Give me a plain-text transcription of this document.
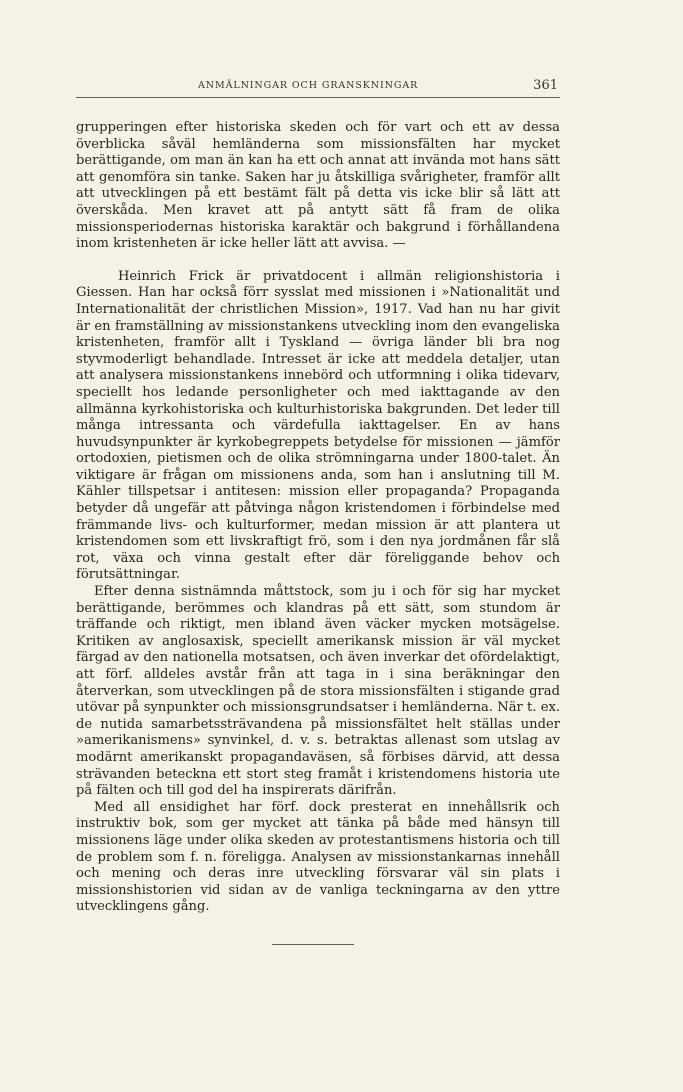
ANMÄLNINGAR OCH GRANSKNINGAR	361

grupperingen efter historiska skeden och för vart och ett av dessa överblicka såväl hemländerna som missionsfälten har mycket berättigande, om man än kan ha ett och annat att invända mot hans sätt att genomföra sin tanke. Saken har ju åtskilliga svårigheter, framför allt att utvecklingen på ett bestämt fält på detta vis icke blir så lätt att överskåda. Men kravet att på antytt sätt få fram de olika missionsperiodernas historiska karaktär och bakgrund i förhållandena inom kristenheten är icke heller lätt att avvisa. —

Heinrich Frick är privatdocent i allmän religionshistoria i Giessen. Han har också förr sysslat med missionen i »Nationalität und Internationalität der christlichen Mission», 1917. Vad han nu har givit är en framställning av missionstankens utveckling inom den evangeliska kristenheten, framför allt i Tyskland — övriga länder bli bra nog styvmoderligt behandlade. Intresset är icke att meddela detaljer, utan att analysera missionstankens innebörd och utformning i olika tidevarv, speciellt hos ledande personligheter och med iakttagande av den allmänna kyrkohistoriska och kulturhistoriska bakgrunden. Det leder till många intressanta och värdefulla iakttagelser. En av hans huvudsynpunkter är kyrkobegreppets betydelse för missionen — jämför ortodoxien, pietismen och de olika strömningarna under 1800-talet. Än viktigare är frågan om missionens anda, som han i anslutning till M. Kähler tillspetsar i antitesen: mission eller propaganda? Propaganda betyder då ungefär att påtvinga någon kristendomen i förbindelse med främmande livs- och kulturformer, medan mission är att plantera ut kristendomen som ett livskraftigt frö, som i den nya jordmånen får slå rot, växa och vinna gestalt efter där föreliggande behov och förutsättningar.

Efter denna sistnämnda måttstock, som ju i och för sig har mycket berättigande, berömmes och klandras på ett sätt, som stundom är träffande och riktigt, men ibland även väcker mycken motsägelse. Kritiken av anglosaxisk, speciellt amerikansk mission är väl mycket färgad av den nationella motsatsen, och även inverkar det ofördelaktigt, att förf. alldeles avstår från att taga in i sina beräkningar den återverkan, som utvecklingen på de stora missionsfälten i stigande grad utövar på synpunkter och missionsgrundsatser i hemländerna. När t. ex. de nutida samarbetssträvandena på missionsfältet helt ställas under »amerikanismens» synvinkel, d. v. s. betraktas allenast som utslag av modärnt amerikanskt propagandaväsen, så förbises därvid, att dessa strävanden beteckna ett stort steg framåt i kristendomens historia ute på fälten och till god del ha inspirerats därifrån.

Med all ensidighet har förf. dock presterat en innehållsrik och instruktiv bok, som ger mycket att tänka på både med hänsyn till missionens läge under olika skeden av protestantismens historia och till de problem som f. n. föreligga. Analysen av missionstankarnas innehåll och mening och deras inre utveckling försvarar väl sin plats i missionshistorien vid sidan av de vanliga teckningarna av den yttre utvecklingens gång.
